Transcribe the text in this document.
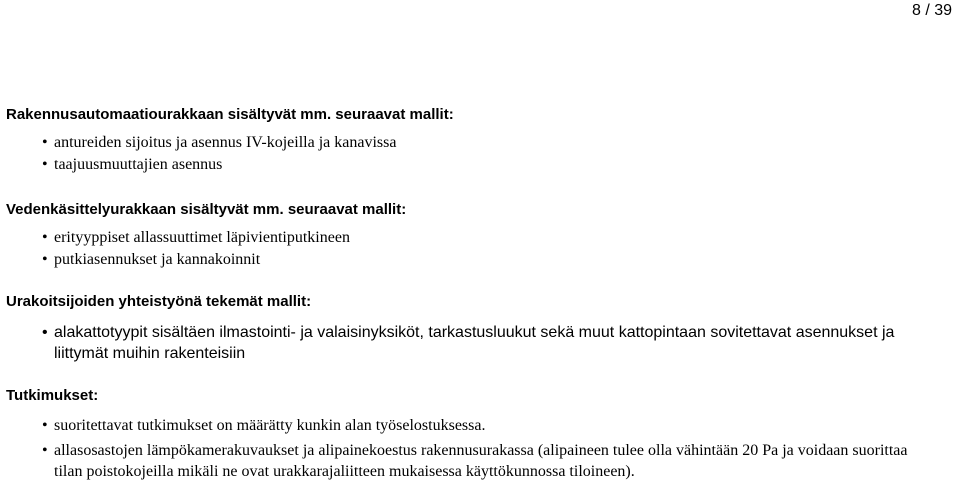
8 / 39
Rakennusautomaatiourakkaan sisältyvät mm. seuraavat mallit:
• antureiden sijoitus ja asennus IV-kojeilla ja kanavissa
• taajuusmuuttajien asennus
Vedenkäsittelyurakkaan sisältyvät mm. seuraavat mallit:
• erityyppiset allassuuttimet läpivientiputkineen
• putkiasennukset ja kannakoinnit
Urakoitsijoiden yhteistyönä tekemät mallit:
• alakattotyypit sisältäen ilmastointi- ja valaisinyksiköt, tarkastusluukut sekä muut kattopintaan sovitettavat asennukset ja liittymät muihin rakenteisiin
Tutkimukset:
• suoritettavat tutkimukset on määrätty kunkin alan työselostuksessa.
• allasosastojen lämpökamerakuvaukset ja alipainekoestus rakennusurakassa (alipaineen tulee olla vähintään 20 Pa ja voidaan suorittaa tilan poistokojeilla mikäli ne ovat urakkarajaliitteen mukaisessa käyttökunnossa tiloineen).
